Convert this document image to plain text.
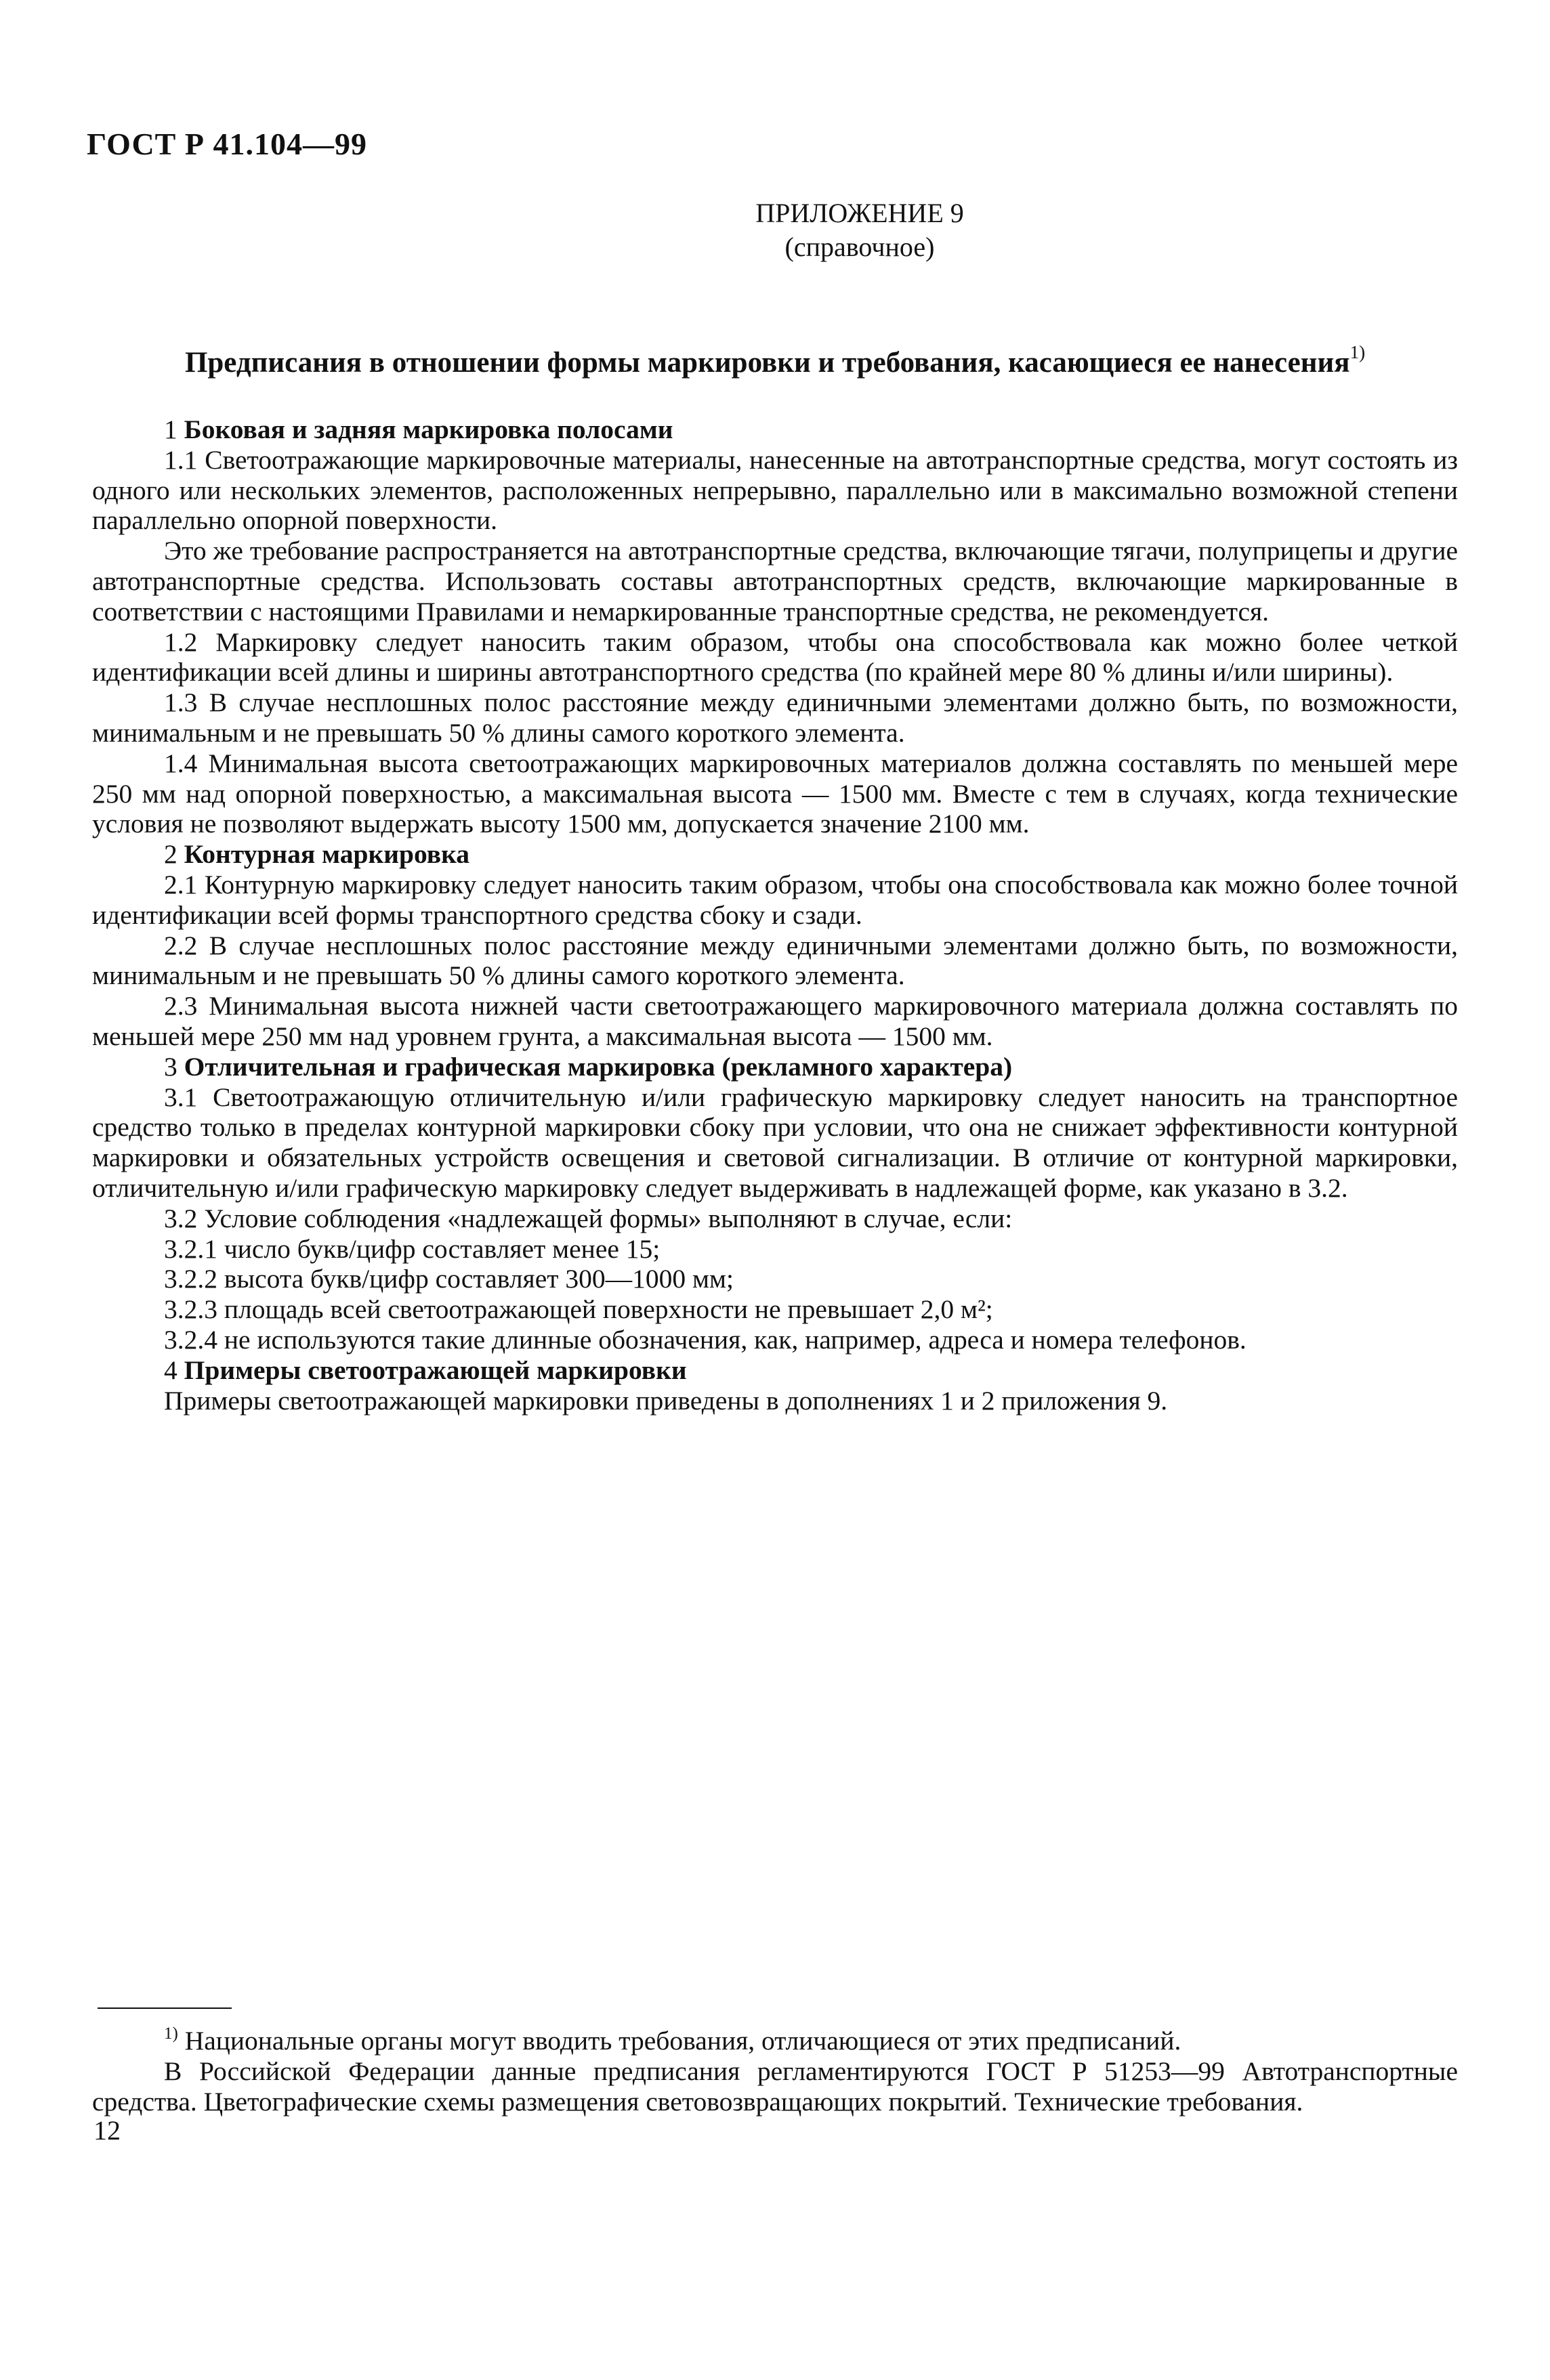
ГОСТ Р 41.104—99
ПРИЛОЖЕНИЕ 9
(справочное)
Предписания в отношении формы маркировки и требования, касающиеся ее нанесения$^{1)}$

1 Боковая и задняя маркировка полосами

1.1 Светоотражающие маркировочные материалы, нанесенные на автотранспортные средства, могут состоять из одного или нескольких элементов, расположенных непрерывно, параллельно или в максимально возможной степени параллельно опорной поверхности.

Это же требование распространяется на автотранспортные средства, включающие тягачи, полуприцепы и другие автотранспортные средства. Использовать составы автотранспортных средств, включающие маркированные в соответствии с настоящими Правилами и немаркированные транспортные средства, не рекомендуется.

1.2 Маркировку следует наносить таким образом, чтобы она способствовала как можно более четкой идентификации всей длины и ширины автотранспортного средства (по крайней мере 80 % длины и/или ширины).

1.3 В случае несплошных полос расстояние между единичными элементами должно быть, по возможности, минимальным и не превышать 50 % длины самого короткого элемента.

1.4 Минимальная высота светоотражающих маркировочных материалов должна составлять по меньшей мере 250 мм над опорной поверхностью, а максимальная высота — 1500 мм. Вместе с тем в случаях, когда технические условия не позволяют выдержать высоту 1500 мм, допускается значение 2100 мм.

2 Контурная маркировка

2.1 Контурную маркировку следует наносить таким образом, чтобы она способствовала как можно более точной идентификации всей формы транспортного средства сбоку и сзади.

2.2 В случае несплошных полос расстояние между единичными элементами должно быть, по возможности, минимальным и не превышать 50 % длины самого короткого элемента.

2.3 Минимальная высота нижней части светоотражающего маркировочного материала должна составлять по меньшей мере 250 мм над уровнем грунта, а максимальная высота — 1500 мм.

3 Отличительная и графическая маркировка (рекламного характера)

3.1 Светоотражающую отличительную и/или графическую маркировку следует наносить на транспортное средство только в пределах контурной маркировки сбоку при условии, что она не снижает эффективности контурной маркировки и обязательных устройств освещения и световой сигнализации. В отличие от контурной маркировки, отличительную и/или графическую маркировку следует выдерживать в надлежащей форме, как указано в 3.2.

3.2 Условие соблюдения «надлежащей формы» выполняют в случае, если:

3.2.1 число букв/цифр составляет менее 15;

3.2.2 высота букв/цифр составляет 300—1000 мм;

3.2.3 площадь всей светоотражающей поверхности не превышает 2,0 м²;

3.2.4 не используются такие длинные обозначения, как, например, адреса и номера телефонов.

4 Примеры светоотражающей маркировки

Примеры светоотражающей маркировки приведены в дополнениях 1 и 2 приложения 9.

$^{1)}$ Национальные органы могут вводить требования, отличающиеся от этих предписаний.

В Российской Федерации данные предписания регламентируются ГОСТ Р 51253—99 Автотранспортные средства. Цветографические схемы размещения световозвращающих покрытий. Технические требования.

12
